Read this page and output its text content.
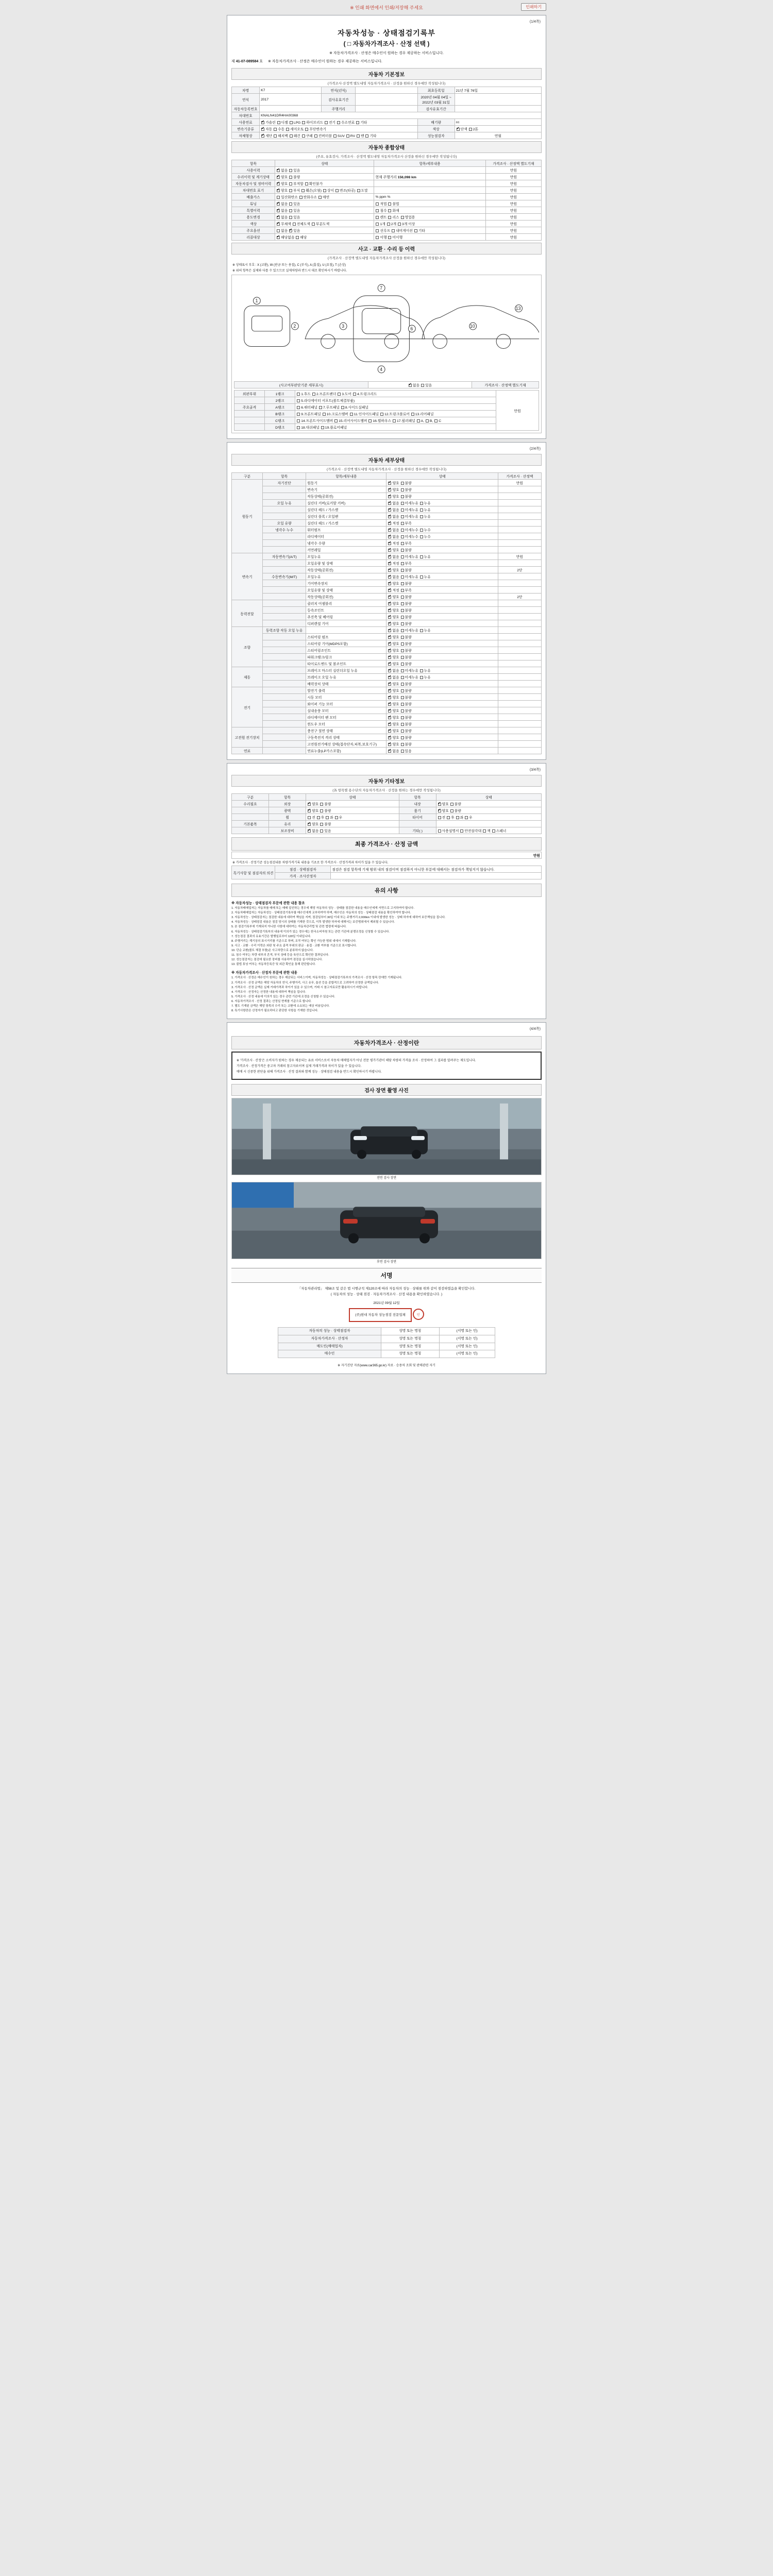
※ 인쇄 화면에서 인쇄/저장해 주세요	인쇄하기
(1/4쪽)
자동차성능 · 상태점검기록부
( □ 자동차가격조사 · 산정 선택 )
※ 자동차가격조사 · 산정은 매수인이 원하는 경우 제공하는 서비스입니다.
제 41-07-089584 호 ※ 자동차가격조사 · 산정은 매수인이 원하는 경우 제공하는 서비스입니다.
자동차 기본정보
(가격조사·산정액 별도내영 자동차가격조사 · 산정을 원하신 경우에만 작성됩니다)
차명	K7	연식(년식)		최초등록일	21년 7월 76일
연식	2017	검사유효기간		2020년 04월 04일 ~ 2022년 03월 31일	
자동차등록번호		주행거리		검사유효기간	
차대번호	KNALN41DR4HA00368				
사용연료	✔가솔린 디젤 LPG 하이브리드 전기 수소연료 기타			배기량	cc
변속기종류	✔자동 수동 세미오토 무단변속기			색상	✔단색 2톤
차체형상	✔세단 해치백 왜건 쿠페 컨버터블 SUV RV 밴 기타			성능점검자	연월
자동차 종합상태
(주요, 유효검사, 가격조사 · 산정액 별도내영 자동차가격조사 산정을 원하신 경우에만 작성됩니다)
항목	상태	항목/세부내용	가격조사 · 산정액 별도기재
사용이력	✔없음 있음		만원
수리이력 및 계기상태	✔양호 불량	현재 주행거리 156,098 km	만원
자동차검사 및 정비이력	✔양호 부적합 확인불가		만원
차대번호 표기	✔양호 부식 훼손(오염) 상이 변조(타공) 도말		만원
배출가스	일산화탄소 탄화수소 매연	% ppm %	만원
튜닝	✔없음 있음	적법 불법	만원
특별이력	✔없음 있음	침수 화재	만원
용도변경	✔없음 있음	렌트 리스 영업용	만원
색상	✔무채색 전체도색 부분도색	1개 2개 3개 이상	만원
주요옵션	없음 ✔ 있음	선루프 내비게이션 기타	만원
리콜대상	✔해당없음 해당	이행 미이행	만원
사고 · 교환 · 수리 등 이력
(가격조사 · 산정액 별도내영 자동차가격조사 산정을 원하신 경우에만 작성됩니다)
※ 상태표시 부호 : X (교환), W (판금 또는 용접), C (부식), A (흠집), U (요철), T (손상)
※ 위의 항목은 실제와 다를 수 있으므로 실제차량과 반드시 대조 확인하시기 바랍니다.
1
2
7
4
3	10
13
6
(사고여부판단기준 세부표시)	✔없음 있음	가격조사 · 산정액 별도기재
외판부위	1랭크	1.후드 2.프론트팬더 3.도어 4.트렁크리드	만원
	2랭크	5.라디에이터 서포트(볼트체결부품)	
주요골격	A랭크	6.쿼터패널 7.루프패널 8.사이드실패널	
	B랭크	9.프론트패널 10.크로스멤버 11.인사이드패널 12.트렁크플로어 13.리어패널	
	C랭크	14.프론트사이드멤버 15.리어사이드멤버 16.휠하우스 17.필러패널 A, B, C	
	D랭크	18.대쉬패널 19.플로어패널	
(2/4쪽)
자동차 세부상태
(가격조사 · 산정액 별도내영 자동차가격조사 · 산정을 원하신 경우에만 작성됩니다)
구분	항목	항목/세부내용	상태	가격조사 · 산정액
원동기	자기진단	원동기	✔양호 불량	만원
		변속기	✔양호 불량	
		작동상태(공회전)	✔양호 불량	
	오일 누유	실린더 커버(로커암 커버)	✔없음 미세누유 누유	
		실린더 헤드 / 가스켓	✔없음 미세누유 누유	
		실린더 블록 / 오일팬	✔없음 미세누유 누유	
	오일 유량	실린더 헤드 / 가스켓	✔적정 부족	
	냉각수 누수	워터펌프	✔없음 미세누수 누수	
		라디에이터	✔없음 미세누수 누수	
		냉각수 수량	✔적정 부족	
		커먼레일	✔양호 불량	
변속기	자동변속기(A/T)	오일누유	✔없음 미세누유 누유	만원
		오일유량 및 상태	✔적정 부족	
		작동상태(공회전)	✔양호 불량	2단
	수동변속기(M/T)	오일누유	✔없음 미세누유 누유	
		기어변속장치	✔양호 불량	
		오일유량 및 상태	✔적정 부족	
		작동상태(공회전)	✔양호 불량	2단
동력전달		클러치 어셈블리	✔양호 불량	
		등속조인트	✔양호 불량	
		추진축 및 베어링	✔양호 불량	
		디퍼렌셜 기어	✔양호 불량	
조향	동력조향 작동 오일 누유		✔없음 미세누유 누유	
		스티어링 펌프	✔양호 불량	
		스티어링 기어(MDPS포함)	✔양호 불량	
		스티어링조인트	✔양호 불량	
		파워크랭크/링크	✔양호 불량	
		타이로드엔드 및 볼조인트	✔양호 불량	
제동		브레이크 마스터 실린더오일 누유	✔없음 미세누유 누유	
		브레이크 오일 누유	✔없음 미세누유 누유	
		배력장치 상태	✔양호 불량	
전기		발전기 출력	✔양호 불량	
		시동 모터	✔양호 불량	
		와이퍼 기능 모터	✔양호 불량	
		실내송풍 모터	✔양호 불량	
		라디에이터 팬 모터	✔양호 불량	
		윈도우 모터	✔양호 불량	
고전원 전기장치		충전구 절연 상태	✔양호 불량	
		구동축전지 격리 상태	✔양호 불량	
		고전원전기배선 상태(접속단자,피복,보호기구)	✔양호 불량	
연료		연료누출(LP가스포함)	✔없음 있음	
(3/4쪽)
자동차 기타정보
(各 항목별 용수단의 자동차가격조사 · 산정을 원하는 경우에만 작성됩니다)
구분	항목	상태	항목	상태
수리필요	외장	✔양호 불량	내장	✔양호 불량
	광택	✔양호 불량	룸기	✔양호 불량
	휠	전 후 좌 우	타이어	전 후 좌 우
기본품목	유리	✔양호 불량		
	보조장비	✔없음 있음	기타( )	사용설명서 안전삼각대 잭 스페너
최종 가격조사 · 산정 금액
만원
※ 가격조사 · 산정기준 성능점검내용 차량가격기록 내용을 기초로 한 가격조사 · 산정가격과 차이가 있을 수 있습니다.
특기사항 및 점검자의 의견	점검 · 상태점검자	점검은 점검 항목에 기재 범위 내의 점검이며 점검하지 아니한 부분에 대해서는 점검자가 책임지지 않습니다.
	가격 · 조사산정자	
유의 사항
※ 자동차성능 · 상태점검자 부문에 관한 내용 참조

1. 자동차매매업자는 자동차를 매매 또는 매매 알선하는 경우에 해당 자동차의 성능 · 상태를 점검한 내용을 매수인에게 서면으로 고지하여야 합니다.

2. 자동차매매업자는 자동차성능 · 상태점검기록부를 매수인에게 교부하여야 하며, 매수인은 자동차의 성능 · 상태점검 내용을 확인하여야 합니다.

3. 자동차성능 · 상태점검자는 점검한 내용에 대하여 책임을 지며, 점검일부터 30일 이내 또는 주행거리 2,000km 이내에 발생한 성능 · 상태 하자에 대하여 보증책임을 집니다.

4. 자동차성능 · 상태점검 내용은 점검 당시의 상태를 기재한 것으로, 이후 발생한 하자에 대해서는 보증범위에서 제외될 수 있습니다.

5. 본 점검기록부에 기재되지 아니한 사항에 대하여는 자동차관리법 및 관련 법령에 따릅니다.

6. 자동차성능 · 상태점검기록부의 내용에 이의가 있는 경우에는 한국소비자원 또는 관련 기관에 분쟁조정을 신청할 수 있습니다.

7. 성능점검 결과의 유효기간은 발행일로부터 120일 이내입니다.

8. 주행거리는 계기상의 표시거리를 기준으로 하며, 조작 여부는 확인 가능한 범위 내에서 기재합니다.

9. 사고 · 교환 · 수리 이력은 외판 및 주요 골격 부위의 판금 · 용접 · 교환 여부를 기준으로 표시합니다.

10. 단순 교환(볼트 체결 부품)은 사고차량으로 분류하지 않습니다.

11. 침수 여부는 차량 내부의 흔적, 부식 상태 등을 육안으로 확인한 결과입니다.

12. 성능점검자는 점검에 필요한 장비를 사용하여 점검을 실시하였습니다.

13. 불법 튜닝 여부는 자동차등록증 및 외관 확인을 통해 판단합니다.

※ 자동차가격조사 · 산정자 부문에 관한 내용

1. 가격조사 · 산정은 매수인이 원하는 경우 제공되는 서비스이며, 자동차성능 · 상태점검기록부의 가격조사 · 산정 항목 란에만 기재됩니다.

2. 가격조사 · 산정 금액은 해당 자동차의 연식, 주행거리, 사고 유무, 옵션 등을 종합적으로 고려하여 산정한 금액입니다.

3. 가격조사 · 산정 금액은 실제 거래가격과 차이가 있을 수 있으며, 거래 시 참고자료로만 활용하시기 바랍니다.

4. 가격조사 · 산정자는 산정한 내용에 대하여 책임을 집니다.

5. 가격조사 · 산정 내용에 이의가 있는 경우 관련 기관에 조정을 신청할 수 있습니다.

6. 자동차가격조사 · 산정 결과는 산정일 현재를 기준으로 합니다.

7. 별도 기재된 금액은 해당 항목의 수리 또는 교환에 소요되는 예상 비용입니다.

8. 특기사항란은 산정자가 필요하다고 판단한 사항을 기재한 것입니다.

(4/4쪽)
자동차가격조사 · 산정이란

※ '가격조사 · 산정'은 소비자가 원하는 경우 제공되는 유료 서비스로서 자동차 매매업자가 아닌 전문 평가기관이 해당 차량의 가격을 조사 · 산정하여 그 결과를 알려주는 제도입니다.

가격조사 · 산정가격은 중고차 거래의 참고자료이며 실제 거래가격과 차이가 있을 수 있습니다.

매매 시 신중한 판단을 위해 가격조사 · 산정 결과와 함께 성능 · 상태점검 내용을 반드시 확인하시기 바랍니다.

검사 장면 촬영 사진
전면 검사 장면
후면 검사 장면
서명
「자동차관리법」 제58조 및 같은 법 시행규칙 제120조에 따라 자동차의 성능 · 상태를 위와 같이 점검하였음을 확인합니다.
( 자동차의 성능 · 상태 점검 · 자동차가격조사 · 산정 내용을 확인하였습니다. )
2021년 09월 12일
(주)현대 자동차 성능점검 전문업체	인
자동차의 성능 · 상태점검자	성명 또는 명칭	(서명 또는 인)
자동차가격조사 · 산정자	성명 또는 명칭	(서명 또는 인)
매도인(매매업자)	성명 또는 명칭	(서명 또는 인)
매수인	성명 또는 명칭	(서명 또는 인)
※ 자기진단 자료(www.car365.go.kr) 자료 · 승용차 조회 및 판매관련 자기
